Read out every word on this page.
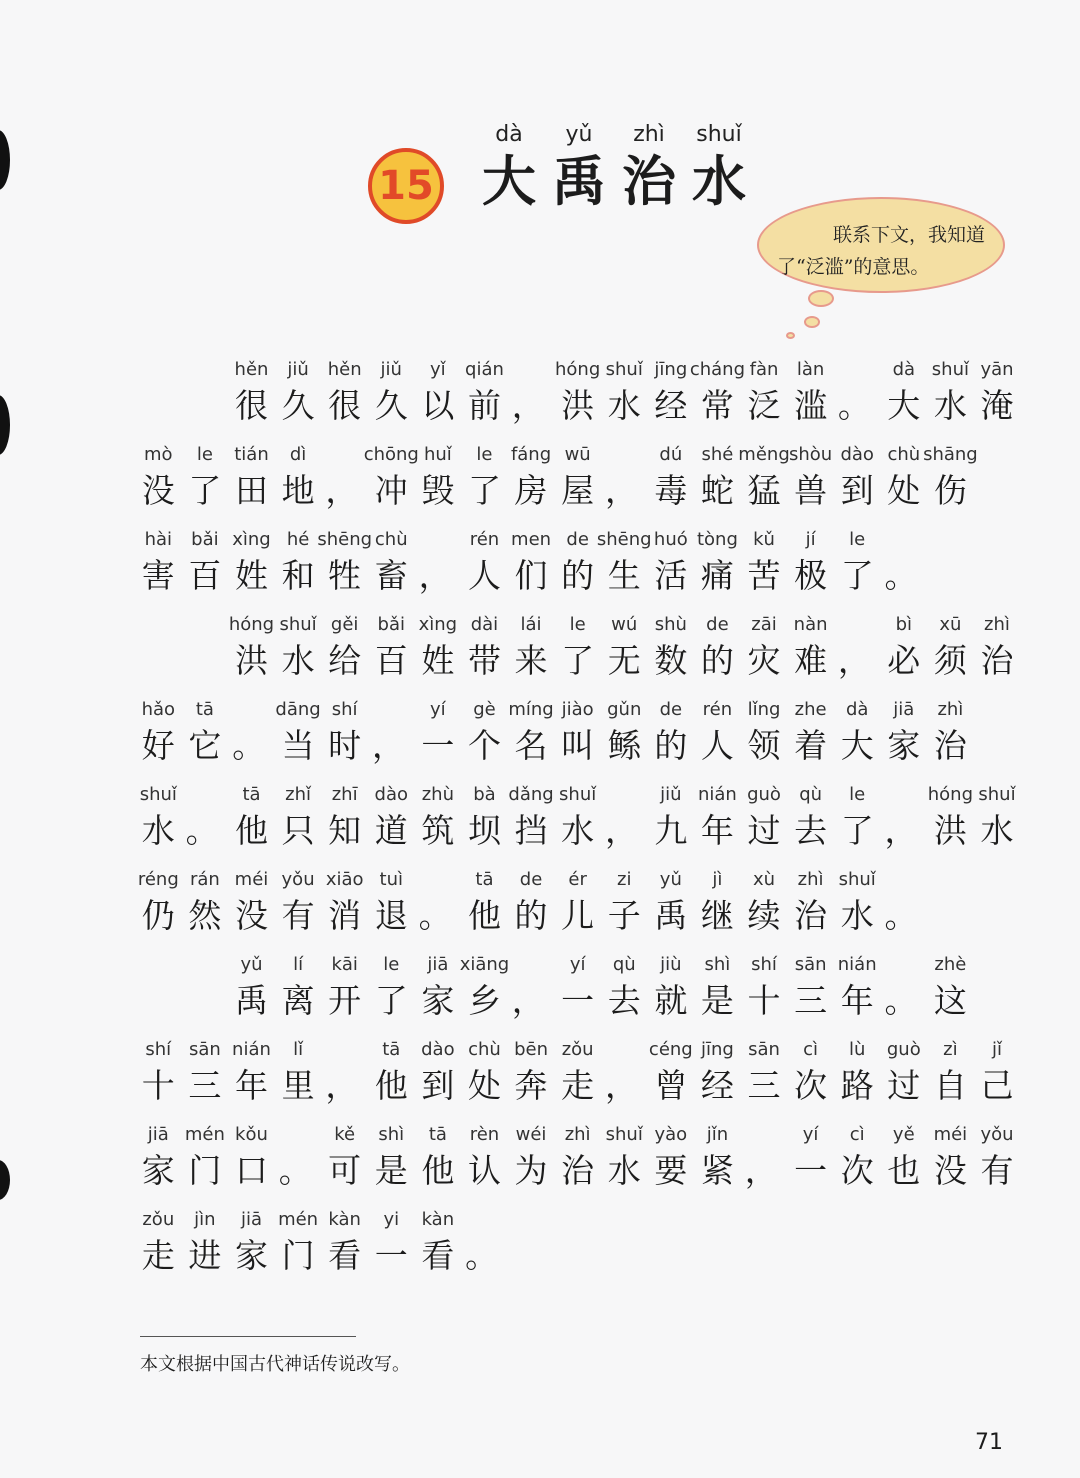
15
dà
大
yǔ
禹
zhì
治
shuǐ
水
联系下文，我知道
了“泛滥”的意思。
hěn
很
jiǔ
久
hěn
很
jiǔ
久
yǐ
以
qián
前 ，
hóng
洪
shuǐ
水
jīng
经
cháng
常
fàn
泛
làn
滥 。
dà
大
shuǐ
水
yān
淹
mò
没
le
了
tián
田
dì
地 ，
chōng
冲
huǐ
毁
le
了
fáng
房
wū
屋 ，
dú
毒
shé
蛇
měng
猛
shòu
兽
dào
到
chù
处
shāng
伤
hài
害
bǎi
百
xìng
姓
hé
和
shēng
牲
chù
畜 ，
rén
人
men
们
de
的
shēng
生
huó
活
tòng
痛
kǔ
苦
jí
极
le
了 。
hóng
洪
shuǐ
水
gěi
给
bǎi
百
xìng
姓
dài
带
lái
来
le
了
wú
无
shù
数
de
的
zāi
灾
nàn
难 ，
bì
必
xū
须
zhì
治
hǎo
好
tā
它 。
dāng
当
shí
时 ，
yí
一
gè
个
míng
名
jiào
叫
gǔn
鲧
de
的
rén
人
lǐng
领
zhe
着
dà
大
jiā
家
zhì
治
shuǐ
水 。
tā
他
zhǐ
只
zhī
知
dào
道
zhù
筑
bà
坝
dǎng
挡
shuǐ
水 ，
jiǔ
九
nián
年
guò
过
qù
去
le
了 ，
hóng
洪
shuǐ
水
réng
仍
rán
然
méi
没
yǒu
有
xiāo
消
tuì
退 。
tā
他
de
的
ér
儿
zi
子
yǔ
禹
jì
继
xù
续
zhì
治
shuǐ
水 。
yǔ
禹
lí
离
kāi
开
le
了
jiā
家
xiāng
乡 ，
yí
一
qù
去
jiù
就
shì
是
shí
十
sān
三
nián
年 。
zhè
这
shí
十
sān
三
nián
年
lǐ
里 ，
tā
他
dào
到
chù
处
bēn
奔
zǒu
走 ，
céng
曾
jīng
经
sān
三
cì
次
lù
路
guò
过
zì
自
jǐ
己
jiā
家
mén
门
kǒu
口 。
kě
可
shì
是
tā
他
rèn
认
wéi
为
zhì
治
shuǐ
水
yào
要
jǐn
紧 ，
yí
一
cì
次
yě
也
méi
没
yǒu
有
zǒu
走
jìn
进
jiā
家
mén
门
kàn
看
yi
一
kàn
看 。
本文根据中国古代神话传说改写。
71
